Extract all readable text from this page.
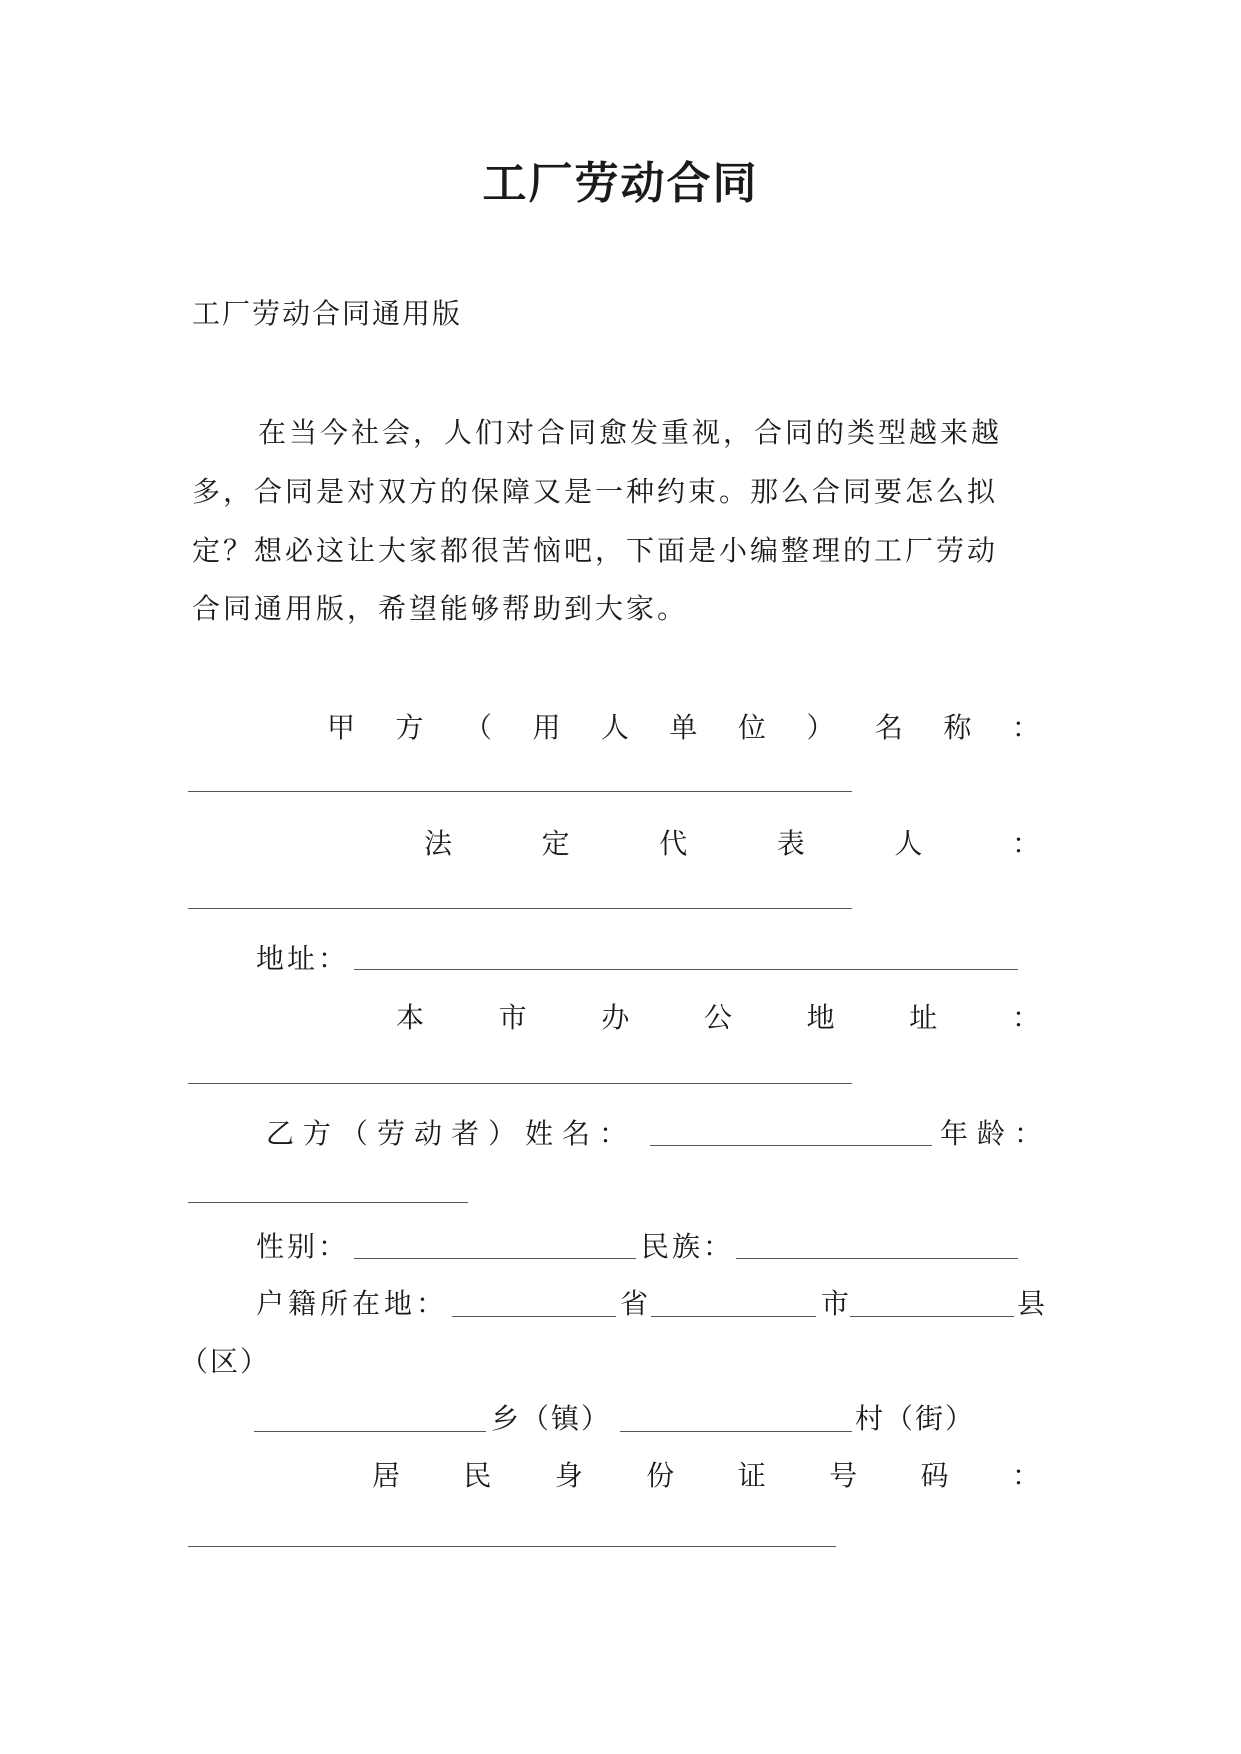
工厂劳动合同
工厂劳动合同通用版
在当今社会，人们对合同愈发重视，合同的类型越来越
多，合同是对双方的保障又是一种约束。那么合同要怎么拟
定？想必这让大家都很苦恼吧，下面是小编整理的工厂劳动
合同通用版，希望能够帮助到大家。
甲 方 （ 用 人 单 位 ） 名 称 ：
法	定	代	表	人	：
地址：
本	市	办	公	地	址	：
乙方（劳动者）姓名：	年龄：
性别：	民族：
户籍所在地：	省	市	县
（区）
乡（镇）	村（街）
居 民 身 份 证 号 码 ：
